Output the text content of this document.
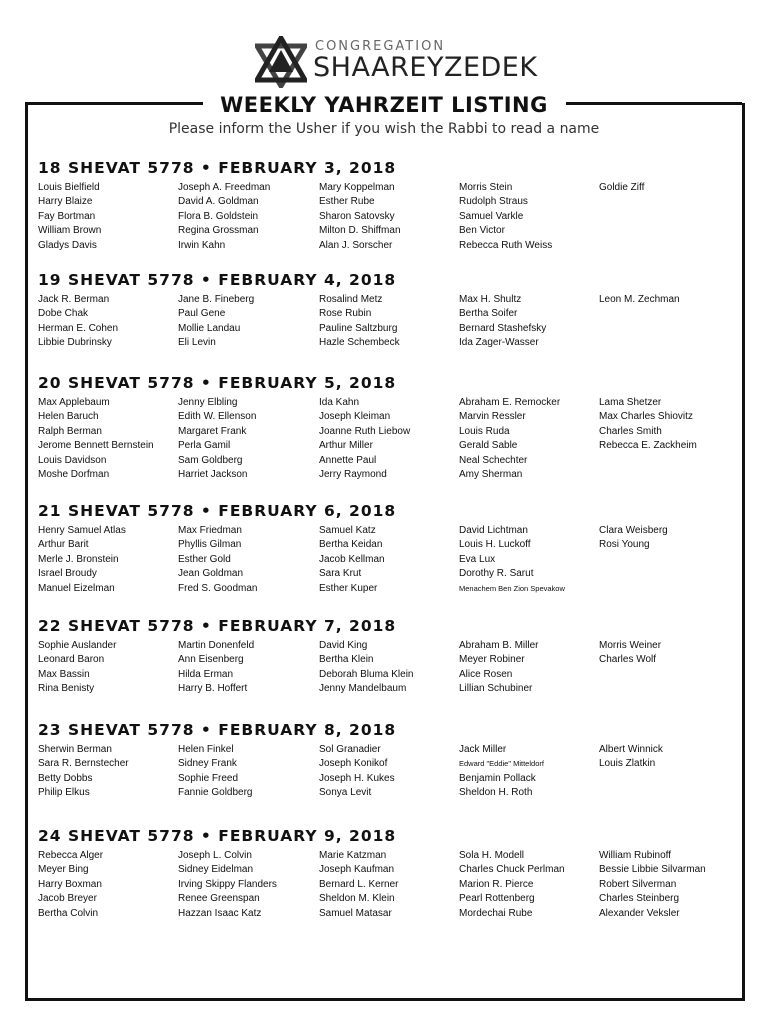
CONGREGATION
SHAAREYZEDEK
WEEKLY YAHRZEIT LISTING
Please inform the Usher if you wish the Rabbi to read a name
18 SHEVAT 5778 • FEBRUARY 3, 2018
Louis Bielfield
Harry Blaize
Fay Bortman
William Brown
Gladys Davis
Joseph A. Freedman
David A. Goldman
Flora B. Goldstein
Regina Grossman
Irwin Kahn
Mary Koppelman
Esther Rube
Sharon Satovsky
Milton D. Shiffman
Alan J. Sorscher
Morris Stein
Rudolph Straus
Samuel Varkle
Ben Victor
Rebecca Ruth Weiss
Goldie Ziff
19 SHEVAT 5778 • FEBRUARY 4, 2018
Jack R. Berman
Dobe Chak
Herman E. Cohen
Libbie Dubrinsky
Jane B. Fineberg
Paul Gene
Mollie Landau
Eli Levin
Rosalind Metz
Rose Rubin
Pauline Saltzburg
Hazle Schembeck
Max H. Shultz
Bertha Soifer
Bernard Stashefsky
Ida Zager-Wasser
Leon M. Zechman
20 SHEVAT 5778 • FEBRUARY 5, 2018
Max Applebaum
Helen Baruch
Ralph Berman
Jerome Bennett Bernstein
Louis Davidson
Moshe Dorfman
Jenny Elbling
Edith W. Ellenson
Margaret Frank
Perla Gamil
Sam Goldberg
Harriet Jackson
Ida Kahn
Joseph Kleiman
Joanne Ruth Liebow
Arthur Miller
Annette Paul
Jerry Raymond
Abraham E. Remocker
Marvin Ressler
Louis Ruda
Gerald Sable
Neal Schechter
Amy Sherman
Lama Shetzer
Max Charles Shiovitz
Charles Smith
Rebecca E. Zackheim
21 SHEVAT 5778 • FEBRUARY 6, 2018
Henry Samuel Atlas
Arthur Barit
Merle J. Bronstein
Israel Broudy
Manuel Eizelman
Max Friedman
Phyllis Gilman
Esther Gold
Jean Goldman
Fred S. Goodman
Samuel Katz
Bertha Keidan
Jacob Kellman
Sara Krut
Esther Kuper
David Lichtman
Louis H. Luckoff
Eva Lux
Dorothy R. Sarut
Menachem Ben Zion Spevakow
Clara Weisberg
Rosi Young
22 SHEVAT 5778 • FEBRUARY 7, 2018
Sophie Auslander
Leonard Baron
Max Bassin
Rina Benisty
Martin Donenfeld
Ann Eisenberg
Hilda Erman
Harry B. Hoffert
David King
Bertha Klein
Deborah Bluma Klein
Jenny Mandelbaum
Abraham B. Miller
Meyer Robiner
Alice Rosen
Lillian Schubiner
Morris Weiner
Charles Wolf
23 SHEVAT 5778 • FEBRUARY 8, 2018
Sherwin Berman
Sara R. Bernstecher
Betty Dobbs
Philip Elkus
Helen Finkel
Sidney Frank
Sophie Freed
Fannie Goldberg
Sol Granadier
Joseph Konikof
Joseph H. Kukes
Sonya Levit
Jack Miller
Edward "Eddie" Mitteldorf
Benjamin Pollack
Sheldon H. Roth
Albert Winnick
Louis Zlatkin
24 SHEVAT 5778 • FEBRUARY 9, 2018
Rebecca Alger
Meyer Bing
Harry Boxman
Jacob Breyer
Bertha Colvin
Joseph L. Colvin
Sidney Eidelman
Irving Skippy Flanders
Renee Greenspan
Hazzan Isaac Katz
Marie Katzman
Joseph Kaufman
Bernard L. Kerner
Sheldon M. Klein
Samuel Matasar
Sola H. Modell
Charles Chuck Perlman
Marion R. Pierce
Pearl Rottenberg
Mordechai Rube
William Rubinoff
Bessie Libbie Silvarman
Robert Silverman
Charles Steinberg
Alexander Veksler
